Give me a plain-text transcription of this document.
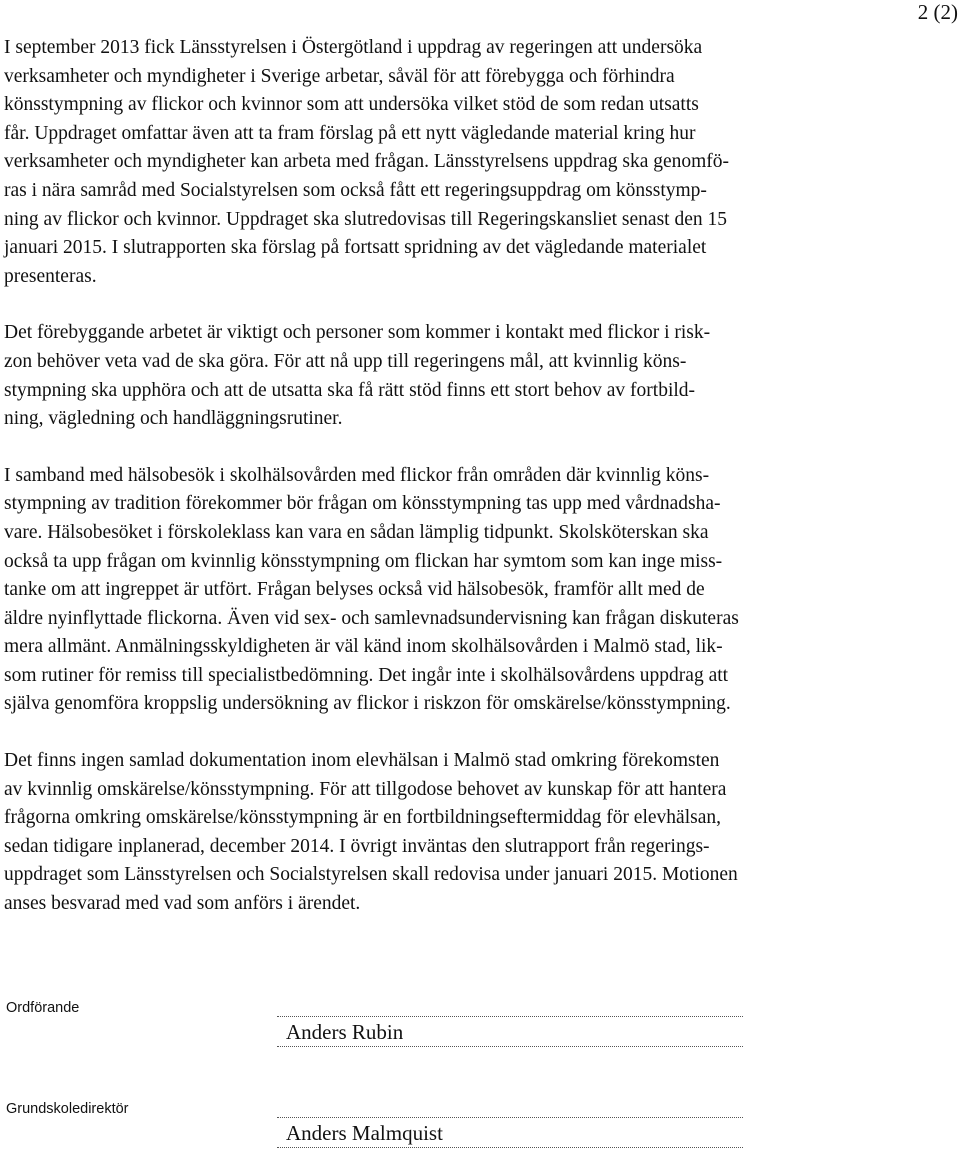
2 (2)

I september 2013 fick Länsstyrelsen i Östergötland i uppdrag av regeringen att undersöka
verksamheter och myndigheter i Sverige arbetar, såväl för att förebygga och förhindra
könsstympning av flickor och kvinnor som att undersöka vilket stöd de som redan utsatts
får. Uppdraget omfattar även att ta fram förslag på ett nytt vägledande material kring hur
verksamheter och myndigheter kan arbeta med frågan. Länsstyrelsens uppdrag ska genomfö-
ras i nära samråd med Socialstyrelsen som också fått ett regeringsuppdrag om könsstymp-
ning av flickor och kvinnor. Uppdraget ska slutredovisas till Regeringskansliet senast den 15
januari 2015. I slutrapporten ska förslag på fortsatt spridning av det vägledande materialet
presenteras.

Det förebyggande arbetet är viktigt och personer som kommer i kontakt med flickor i risk-
zon behöver veta vad de ska göra. För att nå upp till regeringens mål, att kvinnlig köns-
stympning ska upphöra och att de utsatta ska få rätt stöd finns ett stort behov av fortbild-
ning, vägledning och handläggningsrutiner.

I samband med hälsobesök i skolhälsovården med flickor från områden där kvinnlig köns-
stympning av tradition förekommer bör frågan om könsstympning tas upp med vårdnadsha-
vare. Hälsobesöket i förskoleklass kan vara en sådan lämplig tidpunkt. Skolsköterskan ska
också ta upp frågan om kvinnlig könsstympning om flickan har symtom som kan inge miss-
tanke om att ingreppet är utfört. Frågan belyses också vid hälsobesök, framför allt med de
äldre nyinflyttade flickorna. Även vid sex- och samlevnadsundervisning kan frågan diskuteras
mera allmänt. Anmälningsskyldigheten är väl känd inom skolhälsovården i Malmö stad, lik-
som rutiner för remiss till specialistbedömning. Det ingår inte i skolhälsovårdens uppdrag att
själva genomföra kroppslig undersökning av flickor i riskzon för omskärelse/könsstympning.

Det finns ingen samlad dokumentation inom elevhälsan i Malmö stad omkring förekomsten
av kvinnlig omskärelse/könsstympning. För att tillgodose behovet av kunskap för att hantera
frågorna omkring omskärelse/könsstympning är en fortbildningseftermiddag för elevhälsan,
sedan tidigare inplanerad, december 2014. I övrigt inväntas den slutrapport från regerings-
uppdraget som Länsstyrelsen och Socialstyrelsen skall redovisa under januari 2015. Motionen
anses besvarad med vad som anförs i ärendet.

Ordförande
Anders Rubin
Grundskoledirektör
Anders Malmquist
